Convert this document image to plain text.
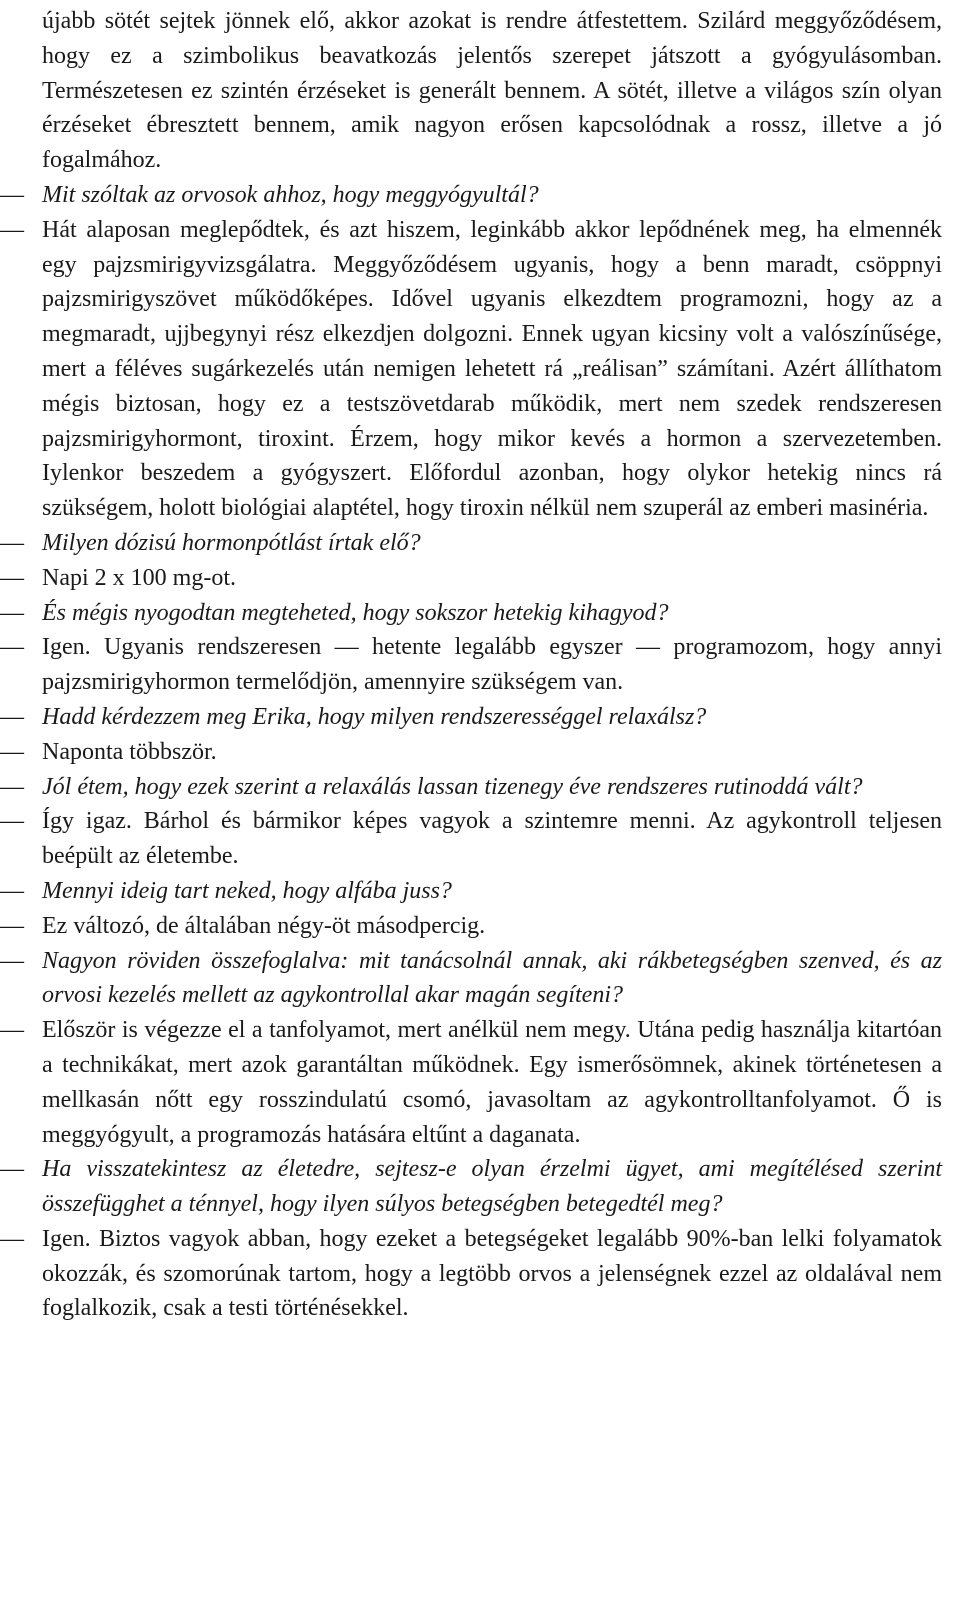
újabb sötét sejtek jönnek elő, akkor azokat is rendre átfestettem. Szilárd meggyőződésem, hogy ez a szimbolikus beavatkozás jelentős szerepet játszott a gyógyulásomban. Természetesen ez szintén érzéseket is generált bennem. A sötét, illetve a világos szín olyan érzéseket ébresztett bennem, amik nagyon erősen kapcsolódnak a rossz, illetve a jó fogalmához.

— Mit szóltak az orvosok ahhoz, hogy meggyógyultál?

— Hát alaposan meglepődtek, és azt hiszem, leginkább akkor lepődnének meg, ha elmennék egy pajzsmirigyvizsgálatra. Meggyőződésem ugyanis, hogy a benn maradt, csöppnyi pajzsmirigyszövet működőképes. Idővel ugyanis elkezdtem programozni, hogy az a megmaradt, ujjbegynyi rész elkezdjen dolgozni. Ennek ugyan kicsiny volt a valószínűsége, mert a féléves sugárkezelés után nemigen lehetett rá „reálisan” számítani. Azért állíthatom mégis biztosan, hogy ez a testszövetdarab működik, mert nem szedek rendszeresen pajzsmirigyhormont, tiroxint. Érzem, hogy mikor kevés a hormon a szervezetemben. Iylenkor beszedem a gyógyszert. Előfordul azonban, hogy olykor hetekig nincs rá szükségem, holott biológiai alaptétel, hogy tiroxin nélkül nem szuperál az emberi masinéria.

— Milyen dózisú hormonpótlást írtak elő?

— Napi 2 x 100 mg-ot.

— És mégis nyogodtan megteheted, hogy sokszor hetekig kihagyod?

— Igen. Ugyanis rendszeresen — hetente legalább egyszer — programozom, hogy annyi pajzsmirigyhormon termelődjön, amennyire szükségem van.

— Hadd kérdezzem meg Erika, hogy milyen rendszerességgel relaxálsz?

— Naponta többször.

— Jól étem, hogy ezek szerint a relaxálás lassan tizenegy éve rendszeres rutinoddá vált?

— Így igaz. Bárhol és bármikor képes vagyok a szintemre menni. Az agykontroll teljesen beépült az életembe.

— Mennyi ideig tart neked, hogy alfába juss?

— Ez változó, de általában négy-öt másodpercig.

— Nagyon röviden összefoglalva: mit tanácsolnál annak, aki rákbetegségben szenved, és az orvosi kezelés mellett az agykontrollal akar magán segíteni?

— Először is végezze el a tanfolyamot, mert anélkül nem megy. Utána pedig használja kitartóan a technikákat, mert azok garantáltan működnek. Egy ismerősömnek, akinek történetesen a mellkasán nőtt egy rosszindulatú csomó, javasoltam az agykontrolltanfolyamot. Ő is meggyógyult, a programozás hatására eltűnt a daganata.

— Ha visszatekintesz az életedre, sejtesz-e olyan érzelmi ügyet, ami megítélésed szerint összefügghet a ténnyel, hogy ilyen súlyos betegségben betegedtél meg?

— Igen. Biztos vagyok abban, hogy ezeket a betegségeket legalább 90%-ban lelki folyamatok okozzák, és szomorúnak tartom, hogy a legtöbb orvos a jelenségnek ezzel az oldalával nem foglalkozik, csak a testi történésekkel.
